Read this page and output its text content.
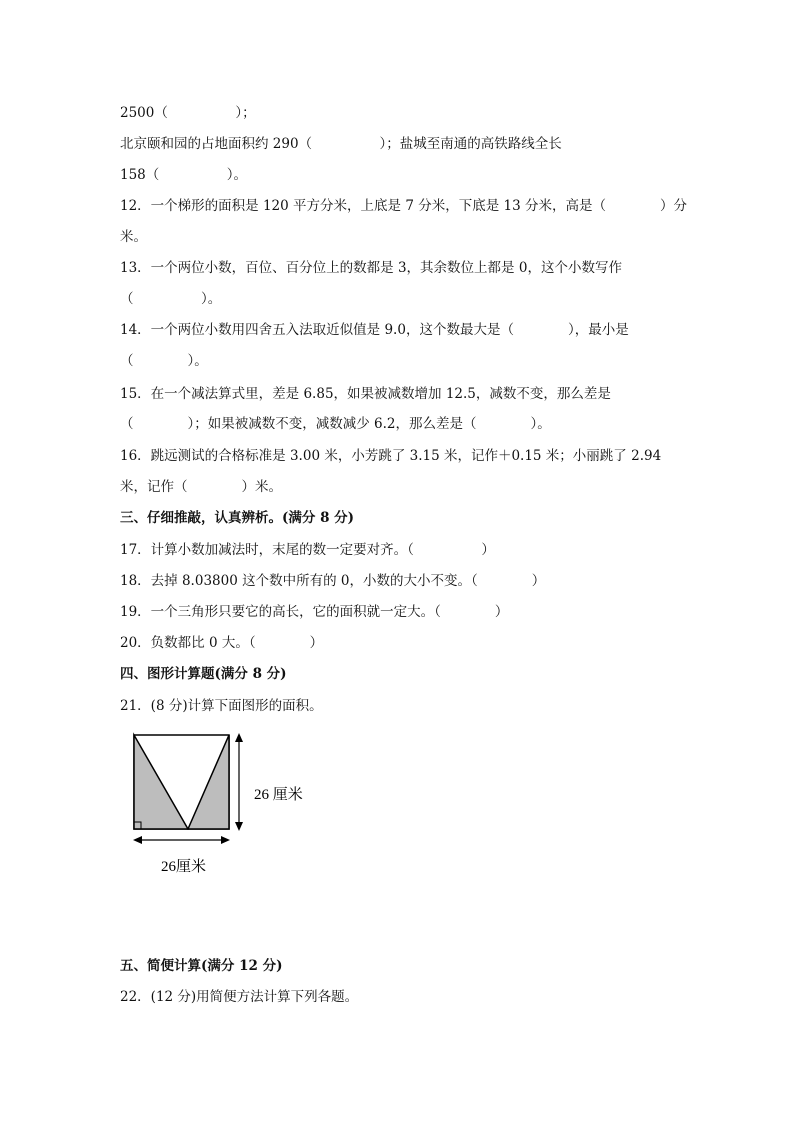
2500（　　　　　）；
北京颐和园的占地面积约 290（　　　　　）；盐城至南通的高铁路线全长
158（　　　　　）。
12．一个梯形的面积是 120 平方分米，上底是 7 分米，下底是 13 分米，高是（　　　　）分
米。
13．一个两位小数，百位、百分位上的数都是 3，其余数位上都是 0，这个小数写作
（　　　　　）。
14．一个两位小数用四舍五入法取近似值是 9.0，这个数最大是（　　　　），最小是
（　　　　）。
15．在一个减法算式里，差是 6.85，如果被减数增加 12.5，减数不变，那么差是
（　　　　）；如果被减数不变，减数减少 6.2，那么差是（　　　　）。
16．跳远测试的合格标准是 3.00 米，小芳跳了 3.15 米，记作＋0.15 米；小丽跳了 2.94
米，记作（　　　　）米。
三、仔细推敲，认真辨析。(满分 8 分)
17．计算小数加减法时，末尾的数一定要对齐。（　　　　　）
18．去掉 8.03800 这个数中所有的 0，小数的大小不变。（　　　　）
19．一个三角形只要它的高长，它的面积就一定大。（　　　　）
20．负数都比 0 大。（　　　　）
四、图形计算题(满分 8 分)
21．(8 分)计算下面图形的面积。
五、简便计算(满分 12 分)
22．(12 分)用简便方法计算下列各题。
26 厘米
26厘米
